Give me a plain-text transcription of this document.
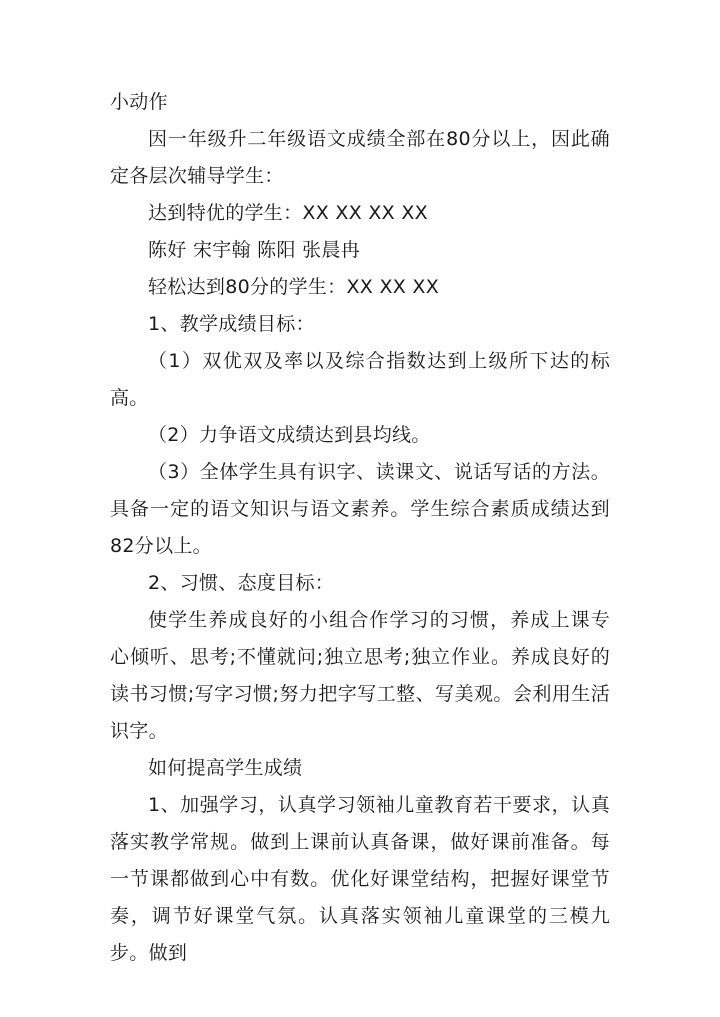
小动作

因一年级升二年级语文成绩全部在80分以上，因此确定各层次辅导学生：

达到特优的学生：XX XX XX XX

陈好 宋宇翰 陈阳 张晨冉

轻松达到80分的学生：XX XX XX

1、教学成绩目标：

（1）双优双及率以及综合指数达到上级所下达的标高。

（2）力争语文成绩达到县均线。

（3）全体学生具有识字、读课文、说话写话的方法。具备一定的语文知识与语文素养。学生综合素质成绩达到82分以上。

2、习惯、态度目标：

使学生养成良好的小组合作学习的习惯，养成上课专心倾听、思考;不懂就问;独立思考;独立作业。养成良好的读书习惯;写字习惯;努力把字写工整、写美观。会利用生活识字。

如何提高学生成绩

1、加强学习，认真学习领袖儿童教育若干要求，认真落实教学常规。做到上课前认真备课，做好课前准备。每一节课都做到心中有数。优化好课堂结构，把握好课堂节奏，调节好课堂气氛。认真落实领袖儿童课堂的三模九步。做到
